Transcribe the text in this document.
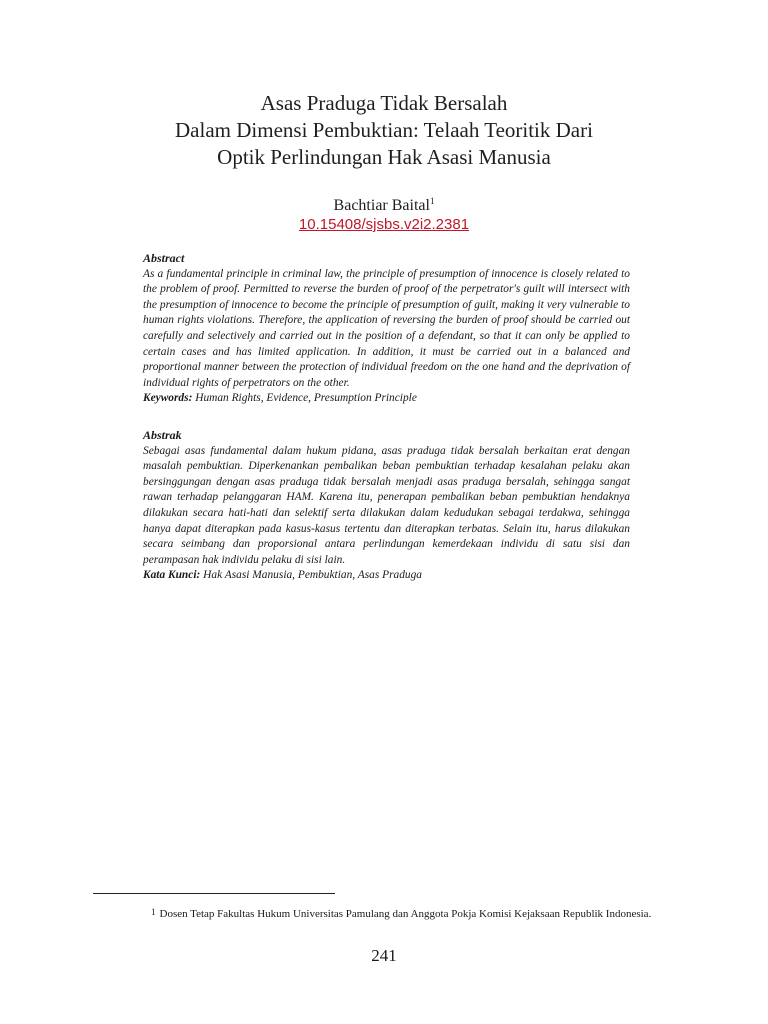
Asas Praduga Tidak Bersalah
Dalam Dimensi Pembuktian: Telaah Teoritik Dari
Optik Perlindungan Hak Asasi Manusia
Bachtiar Baital$^1$
10.15408/sjsbs.v2i2.2381
Abstract
As a fundamental principle in criminal law, the principle of presumption of innocence is closely related to the problem of proof. Permitted to reverse the burden of proof of the perpetrator's guilt will intersect with the presumption of innocence to become the principle of presumption of guilt, making it very vulnerable to human rights violations. Therefore, the application of reversing the burden of proof should be carried out carefully and selectively and carried out in the position of a defendant, so that it can only be applied to certain cases and has limited application. In addition, it must be carried out in a balanced and proportional manner between the protection of individual freedom on the one hand and the deprivation of individual rights of perpetrators on the other.
Keywords: Human Rights, Evidence, Presumption Principle
Abstrak
Sebagai asas fundamental dalam hukum pidana, asas praduga tidak bersalah berkaitan erat dengan masalah pembuktian. Diperkenankan pembalikan beban pembuktian terhadap kesalahan pelaku akan bersinggungan dengan asas praduga tidak bersalah menjadi asas praduga bersalah, sehingga sangat rawan terhadap pelanggaran HAM. Karena itu, penerapan pembalikan beban pembuktian hendaknya dilakukan secara hati-hati dan selektif serta dilakukan dalam kedudukan sebagai terdakwa, sehingga hanya dapat diterapkan pada kasus-kasus tertentu dan diterapkan terbatas. Selain itu, harus dilakukan secara seimbang dan proporsional antara perlindungan kemerdekaan individu di satu sisi dan perampasan hak individu pelaku di sisi lain.
Kata Kunci: Hak Asasi Manusia, Pembuktian, Asas Praduga
1 Dosen Tetap Fakultas Hukum Universitas Pamulang dan Anggota Pokja Komisi Kejaksaan Republik Indonesia.
241
